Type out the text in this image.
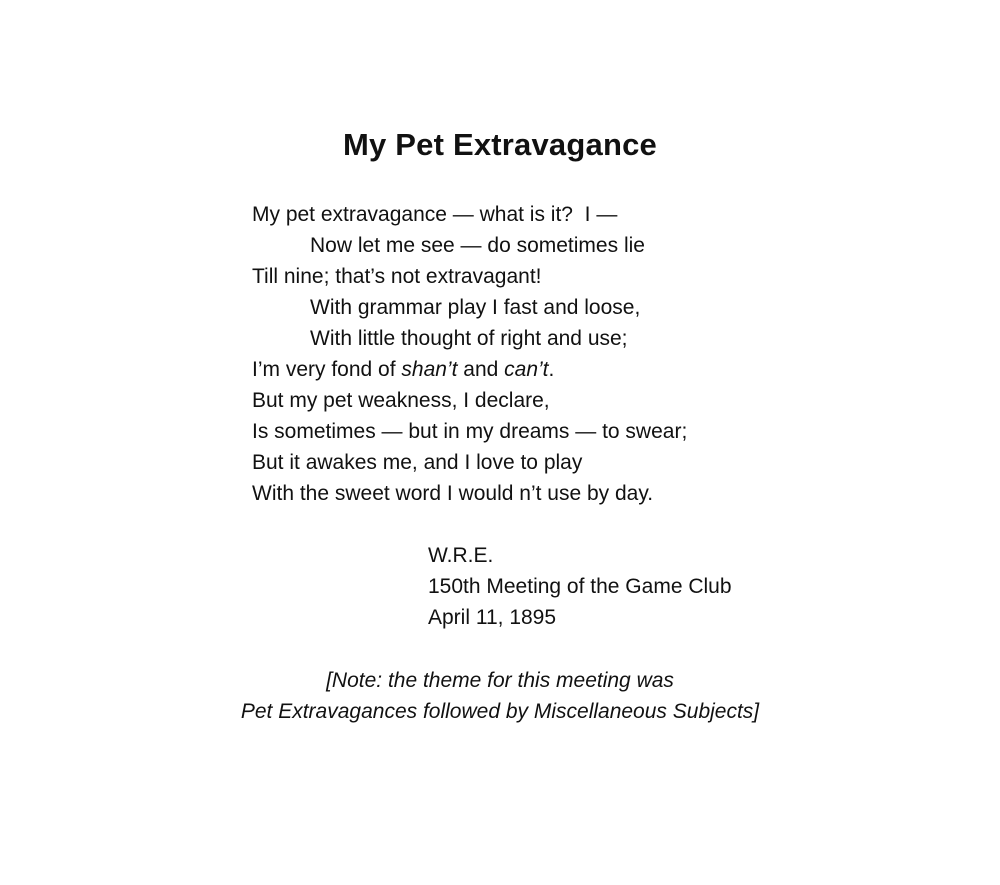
My Pet Extravagance
My pet extravagance — what is it?  I —
Now let me see — do sometimes lie
Till nine; that’s not extravagant!
With grammar play I fast and loose,
With little thought of right and use;
I’m very fond of shan’t and can’t.
But my pet weakness, I declare,
Is sometimes — but in my dreams — to swear;
But it awakes me, and I love to play
With the sweet word I would n’t use by day.
W.R.E.
150th Meeting of the Game Club
April 11, 1895
[Note: the theme for this meeting was
Pet Extravagances followed by Miscellaneous Subjects]
